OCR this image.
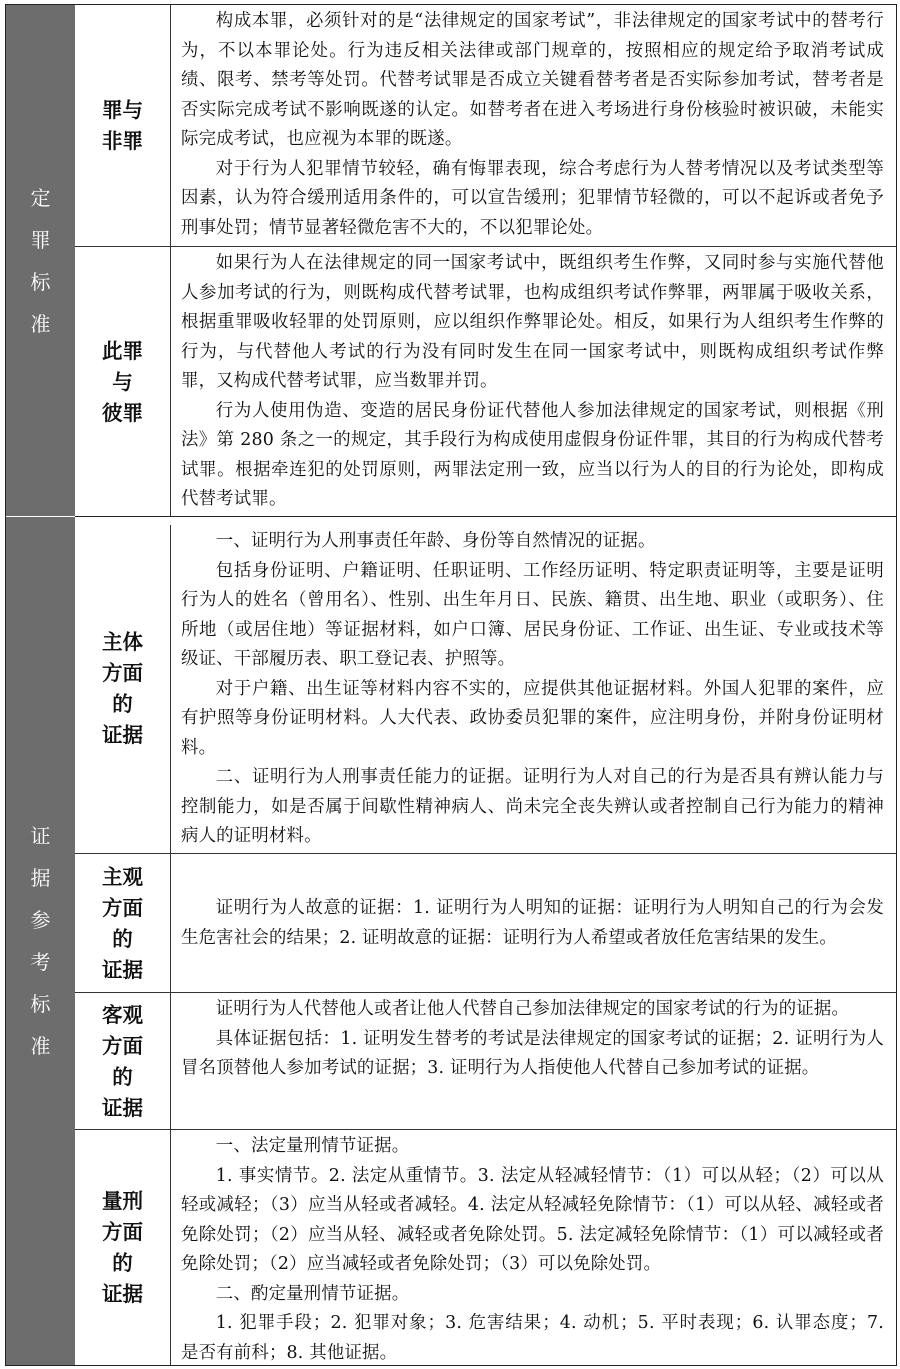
定
罪
标
准
证
据
参
考
标
准
罪与
非罪

构成本罪，必须针对的是“法律规定的国家考试”，非法律规定的国家考试中的替考行为，不以本罪论处。行为违反相关法律或部门规章的，按照相应的规定给予取消考试成绩、限考、禁考等处罚。代替考试罪是否成立关键看替考者是否实际参加考试，替考者是否实际完成考试不影响既遂的认定。如替考者在进入考场进行身份核验时被识破，未能实际完成考试，也应视为本罪的既遂。

对于行为人犯罪情节较轻，确有悔罪表现，综合考虑行为人替考情况以及考试类型等因素，认为符合缓刑适用条件的，可以宣告缓刑；犯罪情节轻微的，可以不起诉或者免予刑事处罚；情节显著轻微危害不大的，不以犯罪论处。

此罪
与
彼罪

如果行为人在法律规定的同一国家考试中，既组织考生作弊，又同时参与实施代替他人参加考试的行为，则既构成代替考试罪，也构成组织考试作弊罪，两罪属于吸收关系，根据重罪吸收轻罪的处罚原则，应以组织作弊罪论处。相反，如果行为人组织考生作弊的行为，与代替他人考试的行为没有同时发生在同一国家考试中，则既构成组织考试作弊罪，又构成代替考试罪，应当数罪并罚。

行为人使用伪造、变造的居民身份证代替他人参加法律规定的国家考试，则根据《刑法》第 280 条之一的规定，其手段行为构成使用虚假身份证件罪，其目的行为构成代替考试罪。根据牵连犯的处罚原则，两罪法定刑一致，应当以行为人的目的行为论处，即构成代替考试罪。

主体
方面
的
证据

一、证明行为人刑事责任年龄、身份等自然情况的证据。

包括身份证明、户籍证明、任职证明、工作经历证明、特定职责证明等，主要是证明行为人的姓名（曾用名）、性别、出生年月日、民族、籍贯、出生地、职业（或职务）、住所地（或居住地）等证据材料，如户口簿、居民身份证、工作证、出生证、专业或技术等级证、干部履历表、职工登记表、护照等。

对于户籍、出生证等材料内容不实的，应提供其他证据材料。外国人犯罪的案件，应有护照等身份证明材料。人大代表、政协委员犯罪的案件，应注明身份，并附身份证明材料。

二、证明行为人刑事责任能力的证据。证明行为人对自己的行为是否具有辨认能力与控制能力，如是否属于间歇性精神病人、尚未完全丧失辨认或者控制自己行为能力的精神病人的证明材料。

主观
方面
的
证据

证明行为人故意的证据：1. 证明行为人明知的证据：证明行为人明知自己的行为会发生危害社会的结果；2. 证明故意的证据：证明行为人希望或者放任危害结果的发生。

客观
方面
的
证据

证明行为人代替他人或者让他人代替自己参加法律规定的国家考试的行为的证据。

具体证据包括：1. 证明发生替考的考试是法律规定的国家考试的证据；2. 证明行为人冒名顶替他人参加考试的证据；3. 证明行为人指使他人代替自己参加考试的证据。

量刑
方面
的
证据

一、法定量刑情节证据。

1. 事实情节。2. 法定从重情节。3. 法定从轻减轻情节：（1）可以从轻；（2）可以从轻或减轻；（3）应当从轻或者减轻。4. 法定从轻减轻免除情节：（1）可以从轻、减轻或者免除处罚；（2）应当从轻、减轻或者免除处罚。5. 法定减轻免除情节：（1）可以减轻或者免除处罚；（2）应当减轻或者免除处罚；（3）可以免除处罚。

二、酌定量刑情节证据。

1. 犯罪手段；2. 犯罪对象；3. 危害结果；4. 动机；5. 平时表现；6. 认罪态度；7. 是否有前科；8. 其他证据。
